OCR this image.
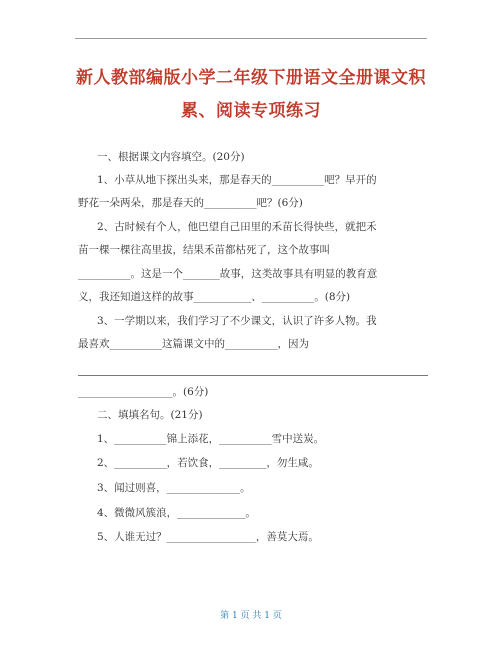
新人教部编版小学二年级下册语文全册课文积
累、阅读专项练习
一、根据课文内容填空。(20分)
1、小草从地下探出头来，那是春天的__________吧？早开的
野花一朵两朵，那是春天的__________吧？(6分)
2、古时候有个人，他巴望自己田里的禾苗长得快些，就把禾
苗一棵一棵往高里拔，结果禾苗都枯死了，这个故事叫
__________。这是一个_______故事，这类故事具有明显的教育意
义，我还知道这样的故事___________、__________。(8分)
3、一学期以来，我们学习了不少课文，认识了许多人物。我
最喜欢__________这篇课文中的__________，因为
__________________。(6分)
二、填填名句。(21分)
1、__________锦上添花，__________雪中送炭。
2、__________，若饮食，_________，勿生咸。
3、闻过则喜，______________。
4、微微风簇浪，_____________。
5、人谁无过？_________________，善莫大焉。
第 1 页 共 1 页
